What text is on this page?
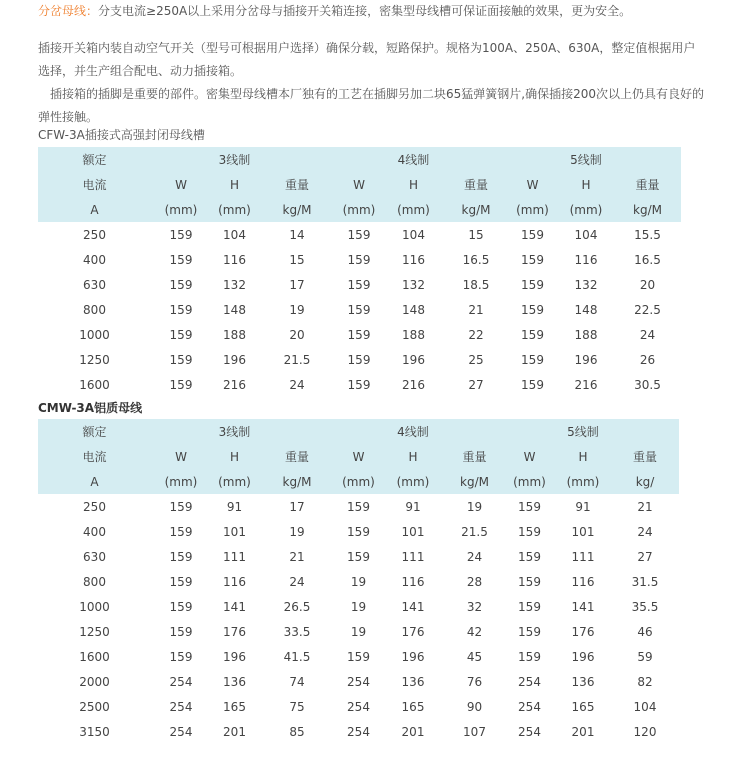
分岔母线：分支电流≥250A以上采用分岔母与插接开关箱连接，密集型母线槽可保证面接触的效果，更为安全。

插接开关箱内装自动空气开关（型号可根据用户选择）确保分载，短路保护。规格为100A、250A、630A，整定值根据用户

选择，并生产组合配电、动力插接箱。

插接箱的插脚是重要的部件。密集型母线槽本厂独有的工艺在插脚另加二块65猛弹簧钢片,确保插接200次以上仍具有良好的

弹性接触。

CFW-3A插接式高强封闭母线槽
额定		3线制			4线制			5线制	
电流	W	H	重量	W	H	重量	W	H	重量
A	(mm)	(mm)	kg/M	(mm)	(mm)	kg/M	(mm)	(mm)	kg/M
250	159	104	14	159	104	15	159	104	15.5
400	159	116	15	159	116	16.5	159	116	16.5
630	159	132	17	159	132	18.5	159	132	20
800	159	148	19	159	148	21	159	148	22.5
1000	159	188	20	159	188	22	159	188	24
1250	159	196	21.5	159	196	25	159	196	26
1600	159	216	24	159	216	27	159	216	30.5
CMW-3A铝质母线
额定		3线制			4线制			5线制	
电流	W	H	重量	W	H	重量	W	H	重量
A	(mm)	(mm)	kg/M	(mm)	(mm)	kg/M	(mm)	(mm)	kg/
250	159	91	17	159	91	19	159	91	21
400	159	101	19	159	101	21.5	159	101	24
630	159	111	21	159	111	24	159	111	27
800	159	116	24	19	116	28	159	116	31.5
1000	159	141	26.5	19	141	32	159	141	35.5
1250	159	176	33.5	19	176	42	159	176	46
1600	159	196	41.5	159	196	45	159	196	59
2000	254	136	74	254	136	76	254	136	82
2500	254	165	75	254	165	90	254	165	104
3150	254	201	85	254	201	107	254	201	120
